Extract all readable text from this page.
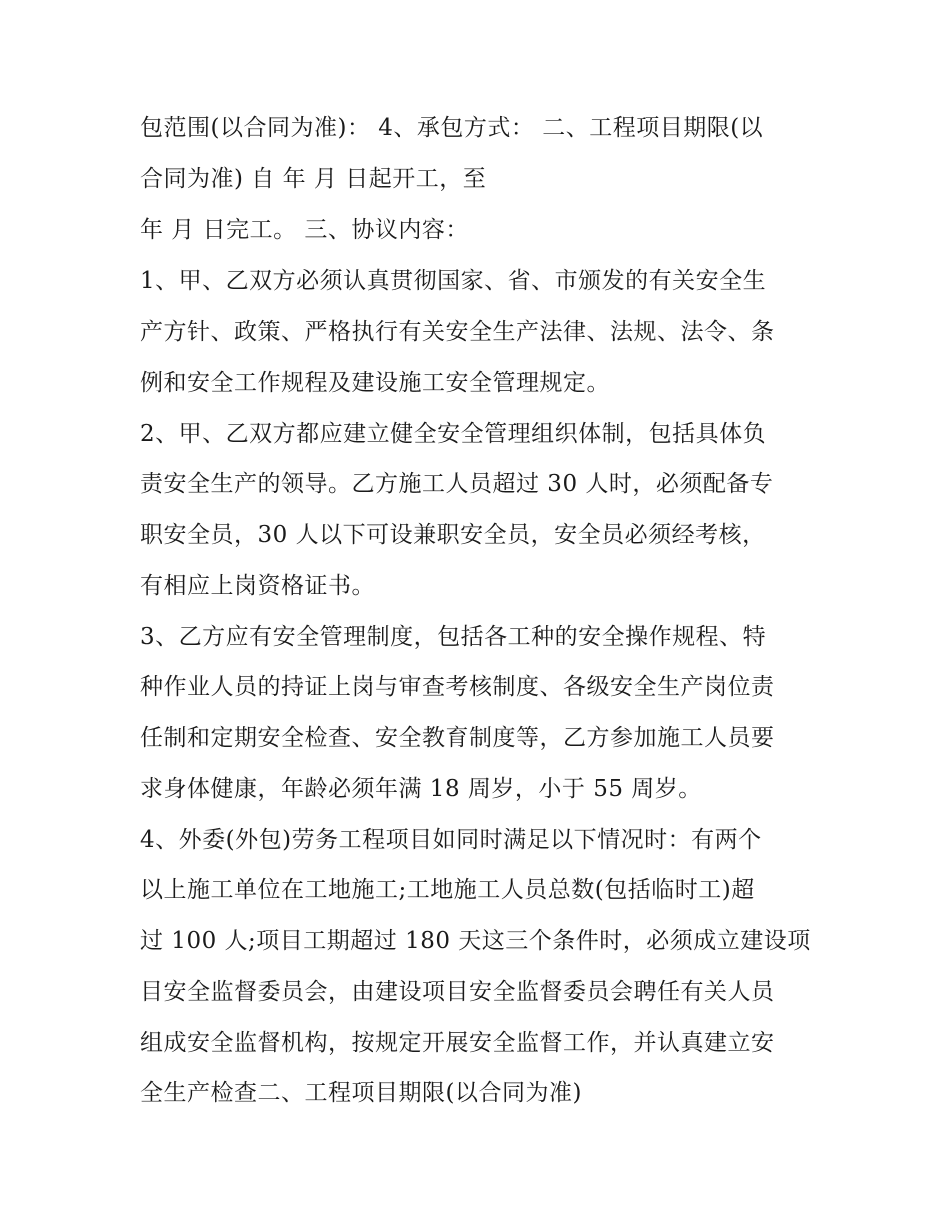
包范围(以合同为准)： 4、承包方式： 二、工程项目期限(以
合同为准) 自 年 月 日起开工，至
年 月 日完工。 三、协议内容：
1、甲、乙双方必须认真贯彻国家、省、市颁发的有关安全生
产方针、政策、严格执行有关安全生产法律、法规、法令、条
例和安全工作规程及建设施工安全管理规定。
2、甲、乙双方都应建立健全安全管理组织体制，包括具体负
责安全生产的领导。乙方施工人员超过 30 人时，必须配备专
职安全员，30 人以下可设兼职安全员，安全员必须经考核，
有相应上岗资格证书。
3、乙方应有安全管理制度，包括各工种的安全操作规程、特
种作业人员的持证上岗与审查考核制度、各级安全生产岗位责
任制和定期安全检查、安全教育制度等，乙方参加施工人员要
求身体健康，年龄必须年满 18 周岁，小于 55 周岁。
4、外委(外包)劳务工程项目如同时满足以下情况时：有两个
以上施工单位在工地施工;工地施工人员总数(包括临时工)超
过 100 人;项目工期超过 180 天这三个条件时，必须成立建设项
目安全监督委员会，由建设项目安全监督委员会聘任有关人员
组成安全监督机构，按规定开展安全监督工作，并认真建立安
全生产检查二、工程项目期限(以合同为准)
